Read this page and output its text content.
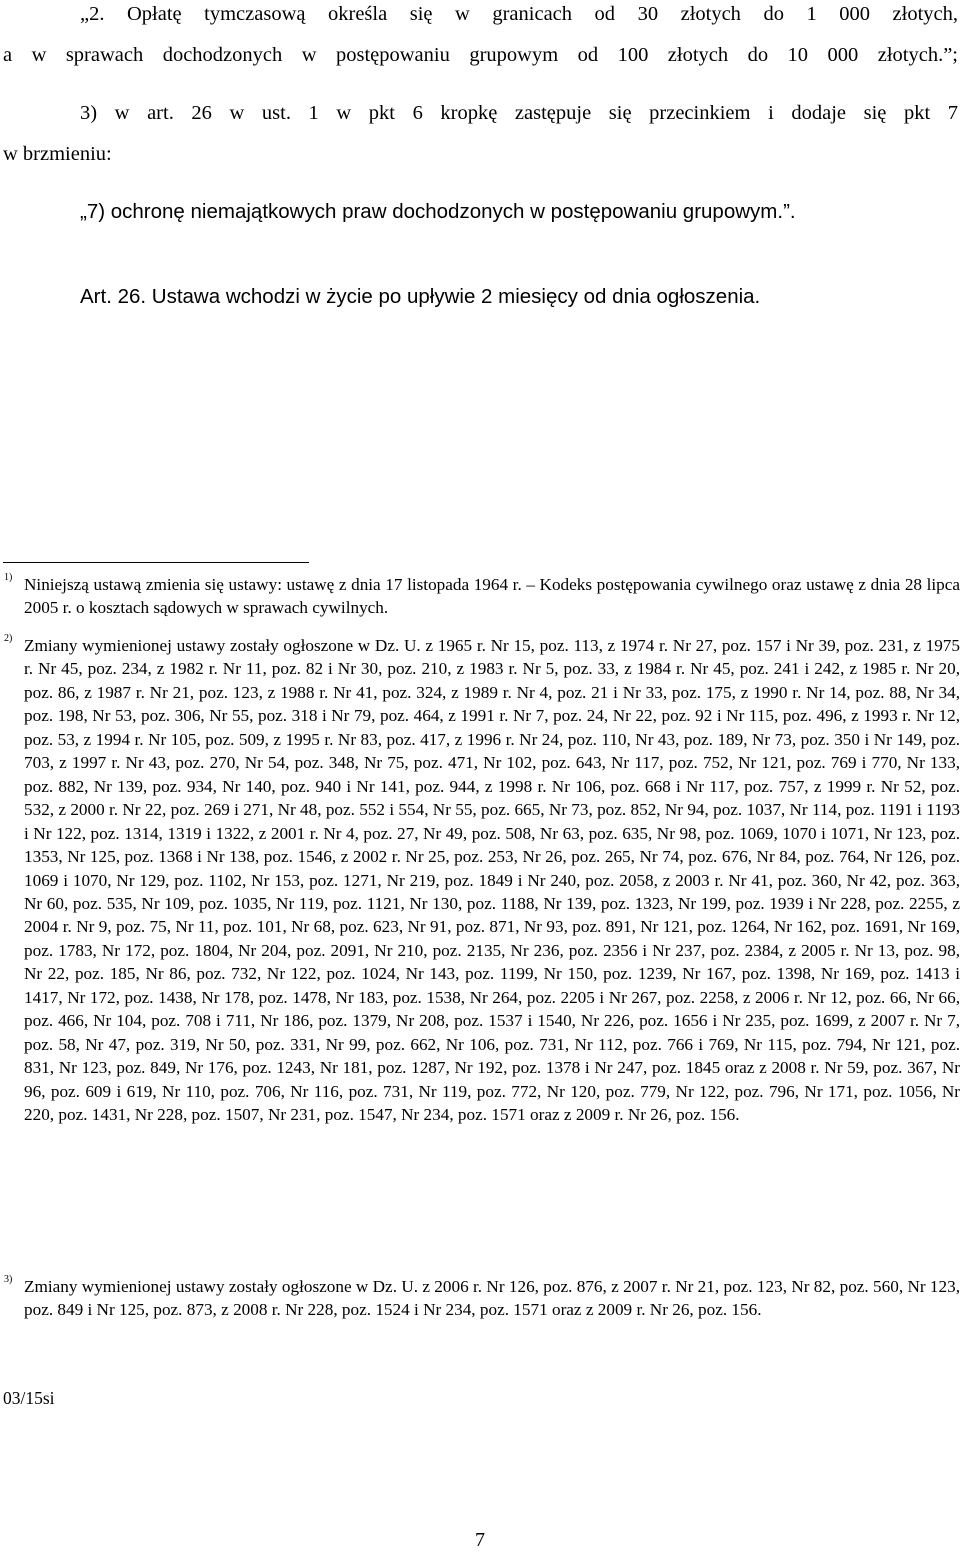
„2. Opłatę tymczasową określa się w granicach od 30 złotych do 1 000 złotych,
a w sprawach dochodzonych w postępowaniu grupowym od 100 złotych do 10 000 złotych.”;
3) w art. 26 w ust. 1 w pkt 6 kropkę zastępuje się przecinkiem i dodaje się pkt 7
w brzmieniu:
„7) ochronę niemajątkowych praw dochodzonych w postępowaniu grupowym.”.
Art. 26. Ustawa wchodzi w życie po upływie 2 miesięcy od dnia ogłoszenia.
1) Niniejszą ustawą zmienia się ustawy: ustawę z dnia 17 listopada 1964 r. – Kodeks postępowania cywilnego oraz ustawę z dnia 28 lipca 2005 r. o kosztach sądowych w sprawach cywilnych.
2) Zmiany wymienionej ustawy zostały ogłoszone w Dz. U. z 1965 r. Nr 15, poz. 113, z 1974 r. Nr 27, poz. 157 i Nr 39, poz. 231, z 1975 r. Nr 45, poz. 234, z 1982 r. Nr 11, poz. 82 i Nr 30, poz. 210, z 1983 r. Nr 5, poz. 33, z 1984 r. Nr 45, poz. 241 i 242, z 1985 r. Nr 20, poz. 86, z 1987 r. Nr 21, poz. 123, z 1988 r. Nr 41, poz. 324, z 1989 r. Nr 4, poz. 21 i Nr 33, poz. 175, z 1990 r. Nr 14, poz. 88, Nr 34, poz. 198, Nr 53, poz. 306, Nr 55, poz. 318 i Nr 79, poz. 464, z 1991 r. Nr 7, poz. 24, Nr 22, poz. 92 i Nr 115, poz. 496, z 1993 r. Nr 12, poz. 53, z 1994 r. Nr 105, poz. 509, z 1995 r. Nr 83, poz. 417, z 1996 r. Nr 24, poz. 110, Nr 43, poz. 189, Nr 73, poz. 350 i Nr 149, poz. 703, z 1997 r. Nr 43, poz. 270, Nr 54, poz. 348, Nr 75, poz. 471, Nr 102, poz. 643, Nr 117, poz. 752, Nr 121, poz. 769 i 770, Nr 133, poz. 882, Nr 139, poz. 934, Nr 140, poz. 940 i Nr 141, poz. 944, z 1998 r. Nr 106, poz. 668 i Nr 117, poz. 757, z 1999 r. Nr 52, poz. 532, z 2000 r. Nr 22, poz. 269 i 271, Nr 48, poz. 552 i 554, Nr 55, poz. 665, Nr 73, poz. 852, Nr 94, poz. 1037, Nr 114, poz. 1191 i 1193 i Nr 122, poz. 1314, 1319 i 1322, z 2001 r. Nr 4, poz. 27, Nr 49, poz. 508, Nr 63, poz. 635, Nr 98, poz. 1069, 1070 i 1071, Nr 123, poz. 1353, Nr 125, poz. 1368 i Nr 138, poz. 1546, z 2002 r. Nr 25, poz. 253, Nr 26, poz. 265, Nr 74, poz. 676, Nr 84, poz. 764, Nr 126, poz. 1069 i 1070, Nr 129, poz. 1102, Nr 153, poz. 1271, Nr 219, poz. 1849 i Nr 240, poz. 2058, z 2003 r. Nr 41, poz. 360, Nr 42, poz. 363, Nr 60, poz. 535, Nr 109, poz. 1035, Nr 119, poz. 1121, Nr 130, poz. 1188, Nr 139, poz. 1323, Nr 199, poz. 1939 i Nr 228, poz. 2255, z 2004 r. Nr 9, poz. 75, Nr 11, poz. 101, Nr 68, poz. 623, Nr 91, poz. 871, Nr 93, poz. 891, Nr 121, poz. 1264, Nr 162, poz. 1691, Nr 169, poz. 1783, Nr 172, poz. 1804, Nr 204, poz. 2091, Nr 210, poz. 2135, Nr 236, poz. 2356 i Nr 237, poz. 2384, z 2005 r. Nr 13, poz. 98, Nr 22, poz. 185, Nr 86, poz. 732, Nr 122, poz. 1024, Nr 143, poz. 1199, Nr 150, poz. 1239, Nr 167, poz. 1398, Nr 169, poz. 1413 i 1417, Nr 172, poz. 1438, Nr 178, poz. 1478, Nr 183, poz. 1538, Nr 264, poz. 2205 i Nr 267, poz. 2258, z 2006 r. Nr 12, poz. 66, Nr 66, poz. 466, Nr 104, poz. 708 i 711, Nr 186, poz. 1379, Nr 208, poz. 1537 i 1540, Nr 226, poz. 1656 i Nr 235, poz. 1699, z 2007 r. Nr 7, poz. 58, Nr 47, poz. 319, Nr 50, poz. 331, Nr 99, poz. 662, Nr 106, poz. 731, Nr 112, poz. 766 i 769, Nr 115, poz. 794, Nr 121, poz. 831, Nr 123, poz. 849, Nr 176, poz. 1243, Nr 181, poz. 1287, Nr 192, poz. 1378 i Nr 247, poz. 1845 oraz z 2008 r. Nr 59, poz. 367, Nr 96, poz. 609 i 619, Nr 110, poz. 706, Nr 116, poz. 731, Nr 119, poz. 772, Nr 120, poz. 779, Nr 122, poz. 796, Nr 171, poz. 1056, Nr 220, poz. 1431, Nr 228, poz. 1507, Nr 231, poz. 1547, Nr 234, poz. 1571 oraz z 2009 r. Nr 26, poz. 156.
3) Zmiany wymienionej ustawy zostały ogłoszone w Dz. U. z 2006 r. Nr 126, poz. 876, z 2007 r. Nr 21, poz. 123, Nr 82, poz. 560, Nr 123, poz. 849 i Nr 125, poz. 873, z 2008 r. Nr 228, poz. 1524 i Nr 234, poz. 1571 oraz z 2009 r. Nr 26, poz. 156.
03/15si
7
